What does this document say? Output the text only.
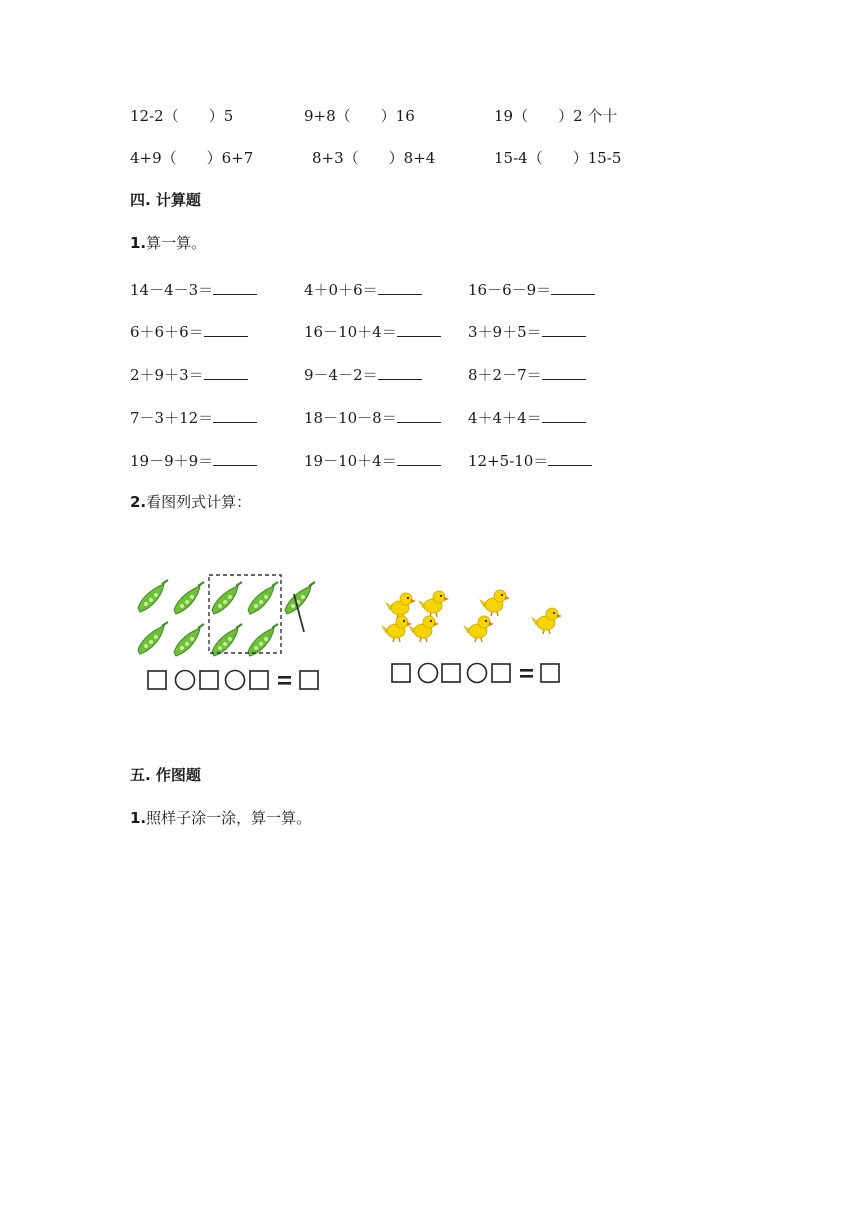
12-2（　　）5	9+8（　　）16	19（　　）2 个十
4+9（　　）6+7	8+3（　　）8+4	15-4（　　）15-5
四. 计算题
1.算一算。
14－4－3＝	4＋0＋6＝	16－6－9＝
6＋6＋6＝	16－10＋4＝	3＋9＋5＝
2＋9＋3＝	9－4－2＝	8＋2－7＝
7－3＋12＝	18－10－8＝	4＋4＋4＝
19－9＋9＝	19－10＋4＝	12+5-10＝
2.看图列式计算：
五. 作图题
1.照样子涂一涂，算一算。
